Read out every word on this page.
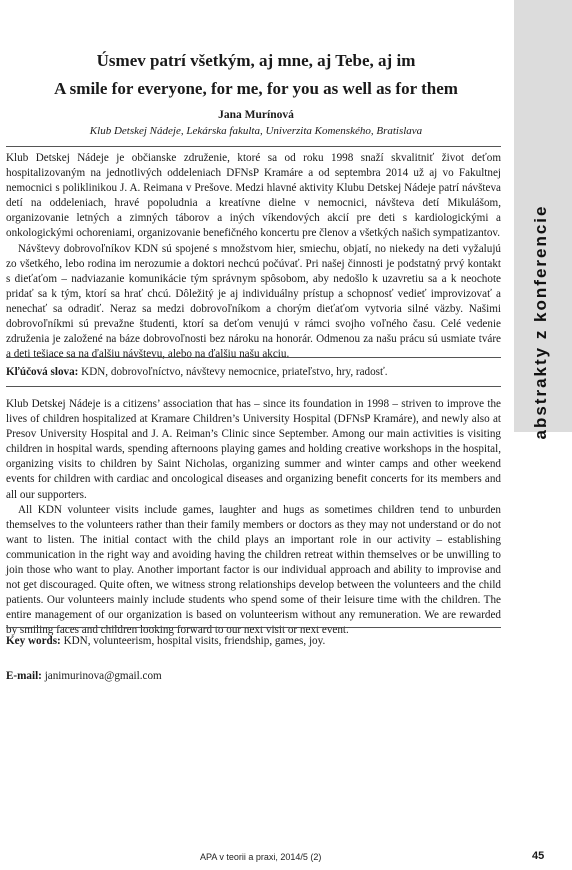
abstrakty z konferencie
Úsmev patrí všetkým, aj mne, aj Tebe, aj im
A smile for everyone, for me, for you as well as for them
Jana Murínová
Klub Detskej Nádeje, Lekárska fakulta, Univerzita Komenského, Bratislava

Klub Detskej Nádeje je občianske združenie, ktoré sa od roku 1998 snaží skvalitniť život deťom hospitalizovaným na jednotlivých oddeleniach DFNsP Kramáre a od septembra 2014 už aj vo Fakultnej nemocnici s poliklinikou J. A. Reimana v Prešove. Medzi hlavné aktivity Klubu Detskej Nádeje patrí návšteva detí na oddeleniach, hravé popoludnia a kreatívne dielne v nemocnici, návšteva detí Mikulášom, organizovanie letných a zimných táborov a iných víkendových akcií pre deti s kardiologickými a onkologickými ochoreniami, organizovanie benefičného koncertu pre členov a všetkých našich sympatizantov.

Návštevy dobrovoľníkov KDN sú spojené s množstvom hier, smiechu, objatí, no niekedy na deti vyžalujú zo všetkého, lebo rodina im nerozumie a doktori nechcú počúvať. Pri našej činnosti je podstatný prvý kontakt s dieťaťom – nadviazanie komunikácie tým správnym spôsobom, aby nedošlo k uzavretiu sa a k neochote pridať sa k tým, ktorí sa hrať chcú. Dôležitý je aj individuálny prístup a schopnosť vedieť improvizovať a nenechať sa odradiť. Neraz sa medzi dobrovoľníkom a chorým dieťaťom vytvoria silné väzby. Našimi dobrovoľníkmi sú prevažne študenti, ktorí sa deťom venujú v rámci svojho voľného času. Celé vedenie združenia je založené na báze dobrovoľnosti bez nároku na honorár. Odmenou za našu prácu sú usmiate tváre a deti tešiace sa na ďalšiu návštevu, alebo na ďalšiu našu akciu.

Kľúčová slova: KDN, dobrovoľníctvo, návštevy nemocnice, priateľstvo, hry, radosť.

Klub Detskej Nádeje is a citizens’ association that has – since its foundation in 1998 – striven to improve the lives of children hospitalized at Kramare Children’s University Hospital (DFNsP Kramáre), and newly also at Presov University Hospital and J. A. Reiman’s Clinic since September. Among our main activities is visiting children in hospital wards, spending afternoons playing games and holding creative workshops in the hospital, organizing visits to children by Saint Nicholas, organizing summer and winter camps and other weekend events for children with cardiac and oncological diseases and organizing benefit concerts for its members and all our supporters.

All KDN volunteer visits include games, laughter and hugs as sometimes children tend to unburden themselves to the volunteers rather than their family members or doctors as they may not understand or do not want to listen. The initial contact with the child plays an important role in our activity – establishing communication in the right way and avoiding having the children retreat within themselves or be unwilling to join those who want to play. Another important factor is our individual approach and ability to improvise and not get discouraged. Quite often, we witness strong relationships develop between the volunteers and the child patients. Our volunteers mainly include students who spend some of their leisure time with the children. The entire management of our organization is based on volunteerism without any remuneration. We are rewarded by smiling faces and children looking forward to our next visit or next event.

Key words: KDN, volunteerism, hospital visits, friendship, games, joy.
E-mail: janimurinova@gmail.com
APA v teorii a praxi, 2014/5 (2)	45
